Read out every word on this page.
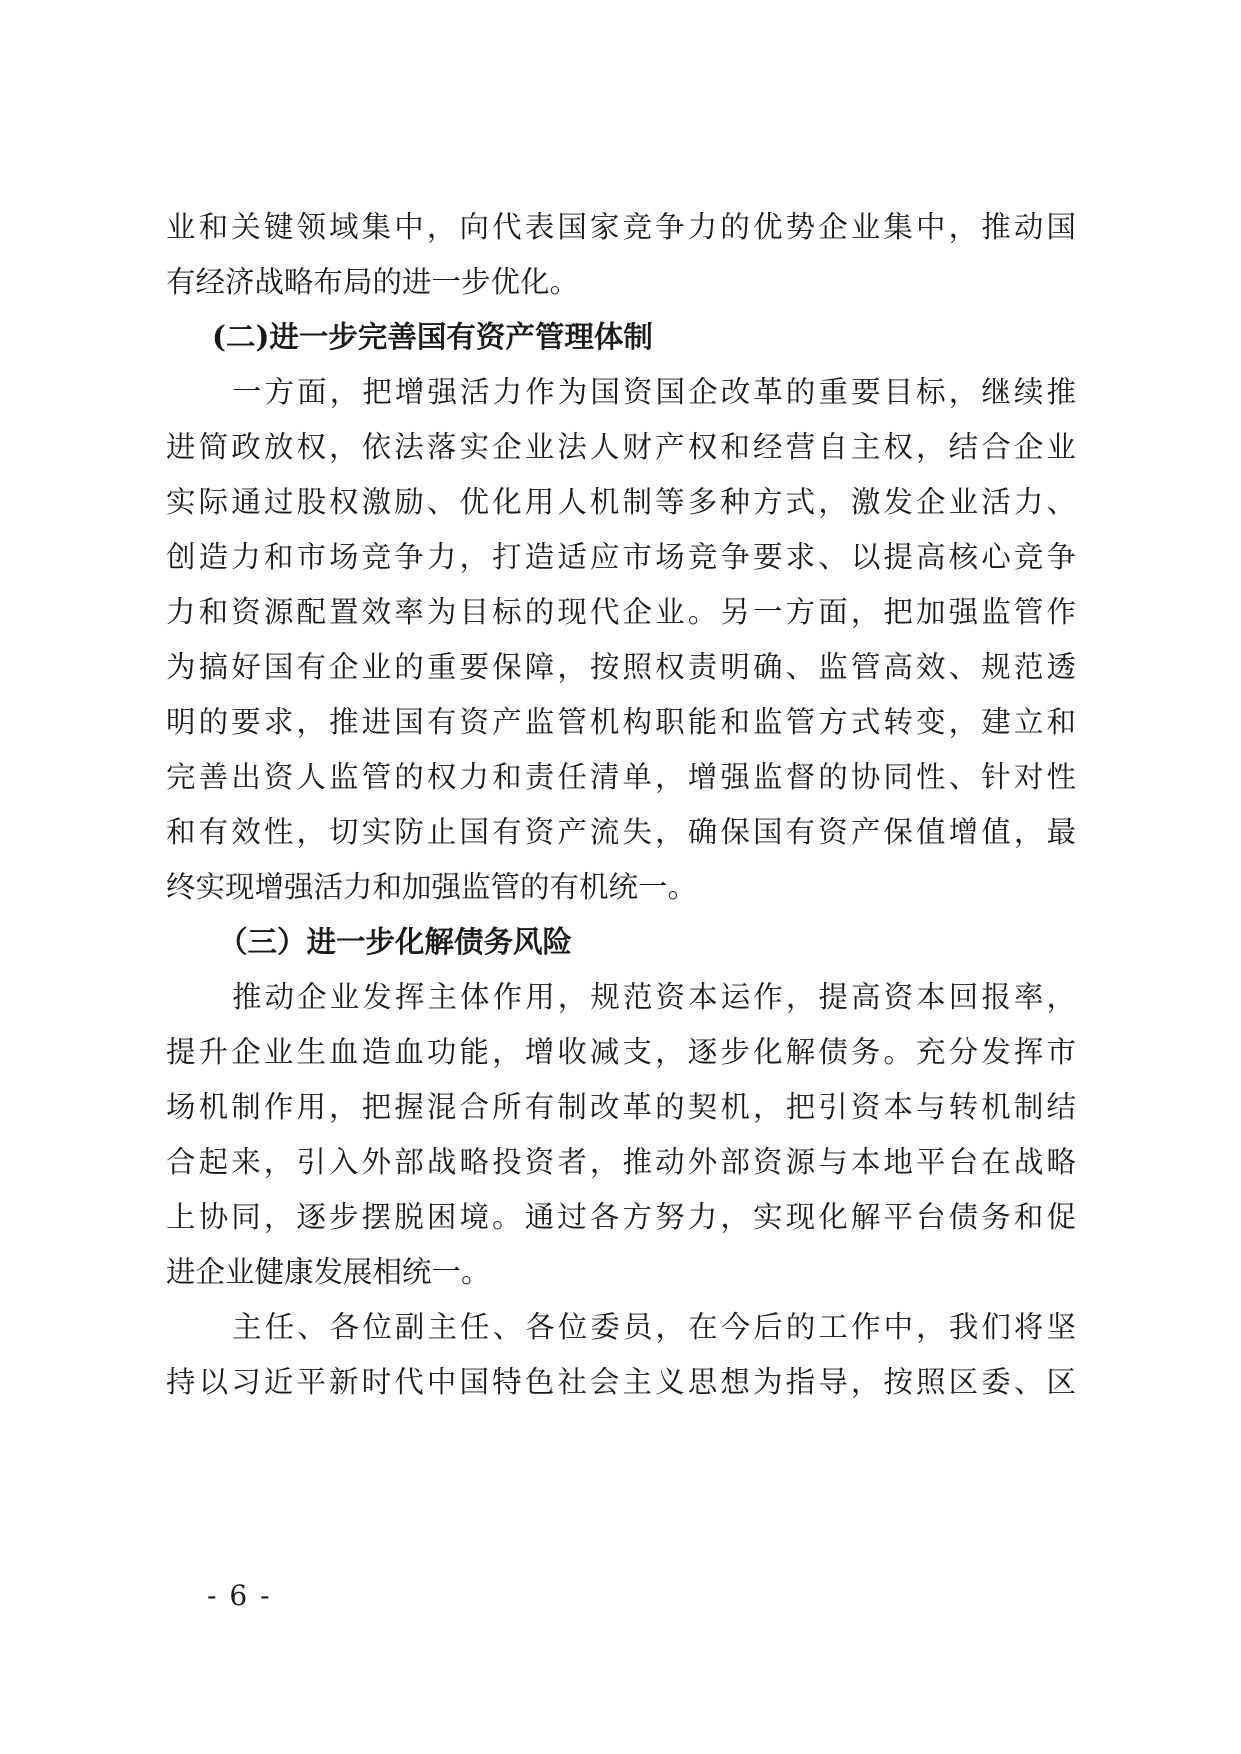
业和关键领域集中，向代表国家竞争力的优势企业集中，推动国
有经济战略布局的进一步优化。
(二)进一步完善国有资产管理体制
一方面，把增强活力作为国资国企改革的重要目标，继续推
进简政放权，依法落实企业法人财产权和经营自主权，结合企业
实际通过股权激励、优化用人机制等多种方式，激发企业活力、
创造力和市场竞争力，打造适应市场竞争要求、以提高核心竞争
力和资源配置效率为目标的现代企业。另一方面，把加强监管作
为搞好国有企业的重要保障，按照权责明确、监管高效、规范透
明的要求，推进国有资产监管机构职能和监管方式转变，建立和
完善出资人监管的权力和责任清单，增强监督的协同性、针对性
和有效性，切实防止国有资产流失，确保国有资产保值增值，最
终实现增强活力和加强监管的有机统一。
（三）进一步化解债务风险
推动企业发挥主体作用，规范资本运作，提高资本回报率，
提升企业生血造血功能，增收减支，逐步化解债务。充分发挥市
场机制作用，把握混合所有制改革的契机，把引资本与转机制结
合起来，引入外部战略投资者，推动外部资源与本地平台在战略
上协同，逐步摆脱困境。通过各方努力，实现化解平台债务和促
进企业健康发展相统一。
主任、各位副主任、各位委员，在今后的工作中，我们将坚
持以习近平新时代中国特色社会主义思想为指导，按照区委、区
- 6 -
